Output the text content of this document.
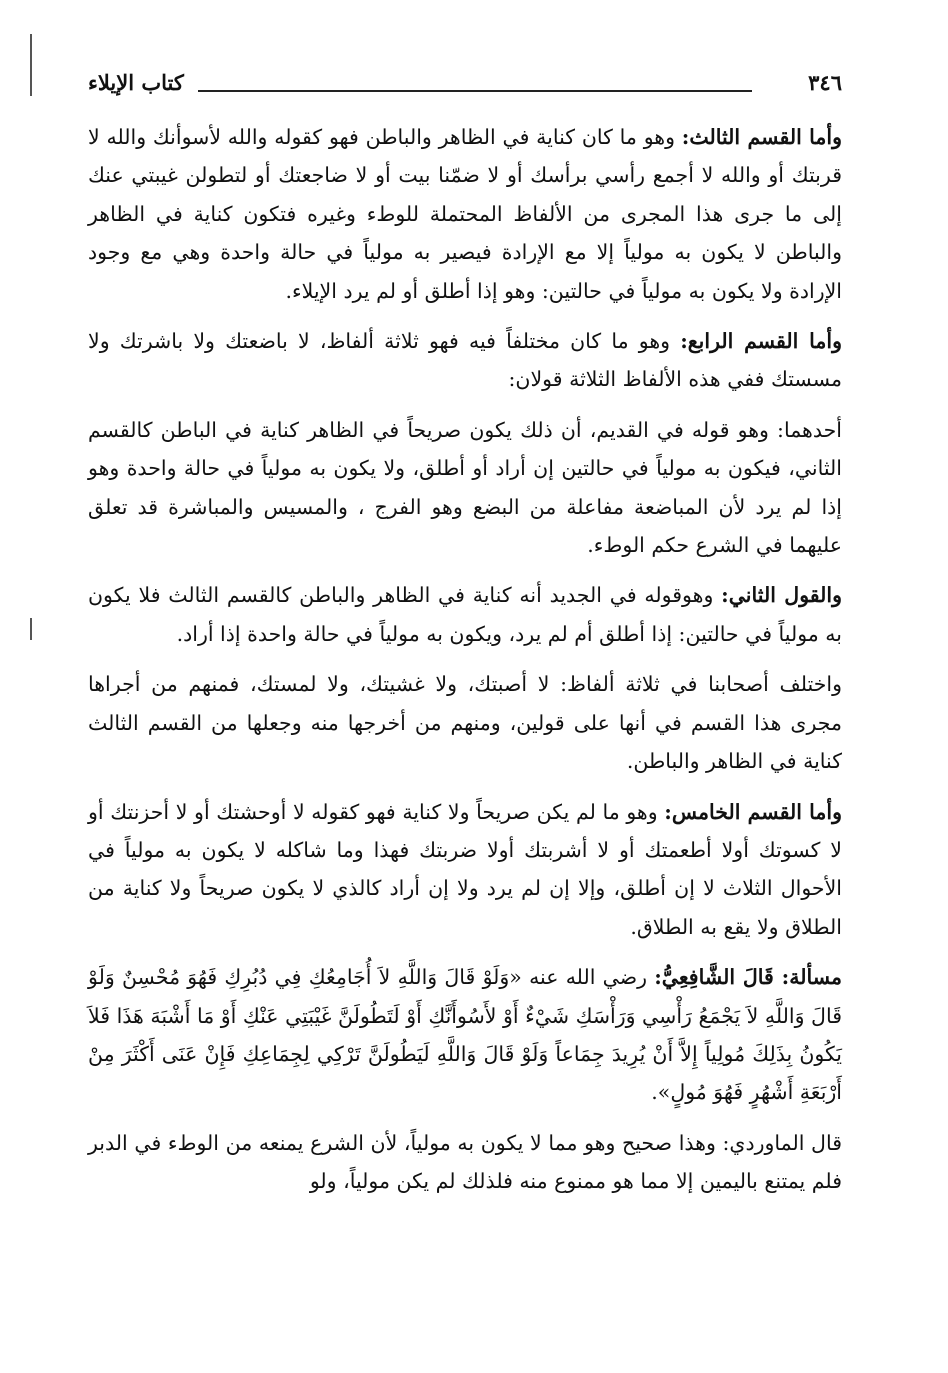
٣٤٦
كتاب الإيلاء

وأما القسم الثالث: وهو ما كان كناية في الظاهر والباطن فهو كقوله والله لأسوأنك والله لا قربتك أو والله لا أجمع رأسي برأسك أو لا ضمّنا بيت أو لا ضاجعتك أو لتطولن غيبتي عنك إلى ما جرى هذا المجرى من الألفاظ المحتملة للوطء وغيره فتكون كناية في الظاهر والباطن لا يكون به مولياً إلا مع الإرادة فيصير به مولياً في حالة واحدة وهي مع وجود الإرادة ولا يكون به مولياً في حالتين: وهو إذا أطلق أو لم يرد الإيلاء.

وأما القسم الرابع: وهو ما كان مختلفاً فيه فهو ثلاثة ألفاظ، لا باضعتك ولا باشرتك ولا مسستك ففي هذه الألفاظ الثلاثة قولان:

أحدهما: وهو قوله في القديم، أن ذلك يكون صريحاً في الظاهر كناية في الباطن كالقسم الثاني، فيكون به مولياً في حالتين إن أراد أو أطلق، ولا يكون به مولياً في حالة واحدة وهو إذا لم يرد لأن المباضعة مفاعلة من البضع وهو الفرج ، والمسيس والمباشرة قد تعلق عليهما في الشرع حكم الوطء.

والقول الثاني: وهوقوله في الجديد أنه كناية في الظاهر والباطن كالقسم الثالث فلا يكون به مولياً في حالتين: إذا أطلق أم لم يرد، ويكون به مولياً في حالة واحدة إذا أراد.

واختلف أصحابنا في ثلاثة ألفاظ: لا أصبتك، ولا غشيتك، ولا لمستك، فمنهم من أجراها مجرى هذا القسم في أنها على قولين، ومنهم من أخرجها منه وجعلها من القسم الثالث كناية في الظاهر والباطن.

وأما القسم الخامس: وهو ما لم يكن صريحاً ولا كناية فهو كقوله لا أوحشتك أو لا أحزنتك أو لا كسوتك أولا أطعمتك أو لا أشربتك أولا ضربتك فهذا وما شاكله لا يكون به مولياً في الأحوال الثلاث لا إن أطلق، وإلا إن لم يرد ولا إن أراد كالذي لا يكون صريحاً ولا كناية من الطلاق ولا يقع به الطلاق.

مسألة: قَالَ الشَّافِعِيُّ: رضي الله عنه «وَلَوْ قَالَ وَاللَّهِ لاَ أُجَامِعُكِ فِي دُبُرِكِ فَهُوَ مُحْسِنٌ وَلَوْ قَالَ وَاللَّهِ لاَ يَجْمَعُ رَأْسِي وَرَأْسَكِ شَيْءٌ أَوْ لأَسُوأَنَّكِ أَوْ لَتَطُولَنَّ غَيْبَتِي عَنْكِ أَوْ مَا أَشْبَهَ هَذَا فَلاَ يَكُونُ بِذَلِكَ مُولِياً إِلاَّ أَنْ يُرِيدَ جِمَاعاً وَلَوْ قَالَ وَاللَّهِ لَيَطُولَنَّ تَرْكِي لِجِمَاعِكِ فَإِنْ عَنَى أَكْثَرَ مِنْ أَرْبَعَةِ أَشْهُرٍ فَهُوَ مُولٍ».

قال الماوردي: وهذا صحيح وهو مما لا يكون به مولياً، لأن الشرع يمنعه من الوطء في الدبر فلم يمتنع باليمين إلا مما هو ممنوع منه فلذلك لم يكن مولياً، ولو
